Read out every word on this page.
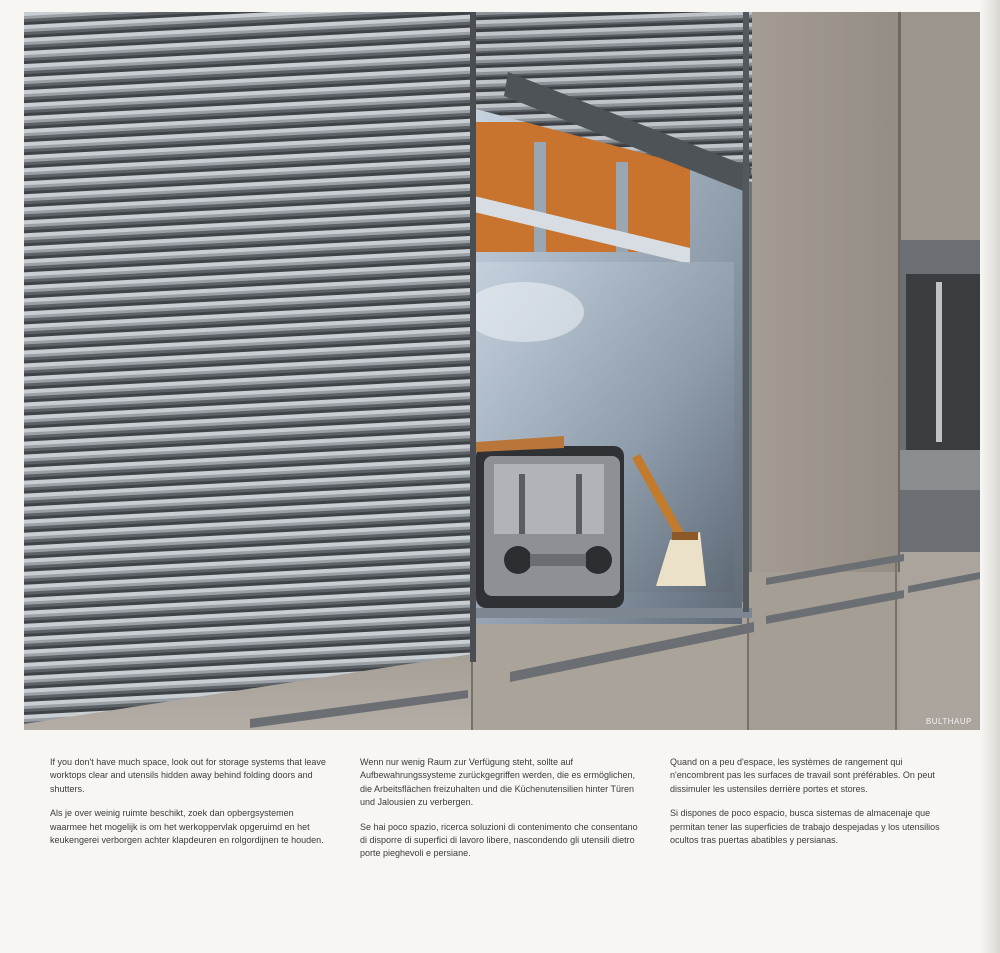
BULTHAUP

If you don't have much space, look out for storage systems that leave worktops clear and utensils hidden away behind folding doors and shutters.

Als je over weinig ruimte beschikt, zoek dan opbergsystemen waarmee het mogelijk is om het werkoppervlak opgeruimd en het keukengerei verborgen achter klapdeuren en rolgordijnen te houden.

Wenn nur wenig Raum zur Verfügung steht, sollte auf Aufbewahrungssysteme zurückgegriffen werden, die es ermöglichen, die Arbeitsflächen freizuhalten und die Küchenutensilien hinter Türen und Jalousien zu verbergen.

Se hai poco spazio, ricerca soluzioni di contenimento che consentano di disporre di superfici di lavoro libere, nascondendo gli utensili dietro porte pieghevoli e persiane.

Quand on a peu d'espace, les systèmes de rangement qui n'encombrent pas les surfaces de travail sont préférables. On peut dissimuler les ustensiles derrière portes et stores.

Si dispones de poco espacio, busca sistemas de almacenaje que permitan tener las superficies de trabajo despejadas y los utensilios ocultos tras puertas abatibles y persianas.
